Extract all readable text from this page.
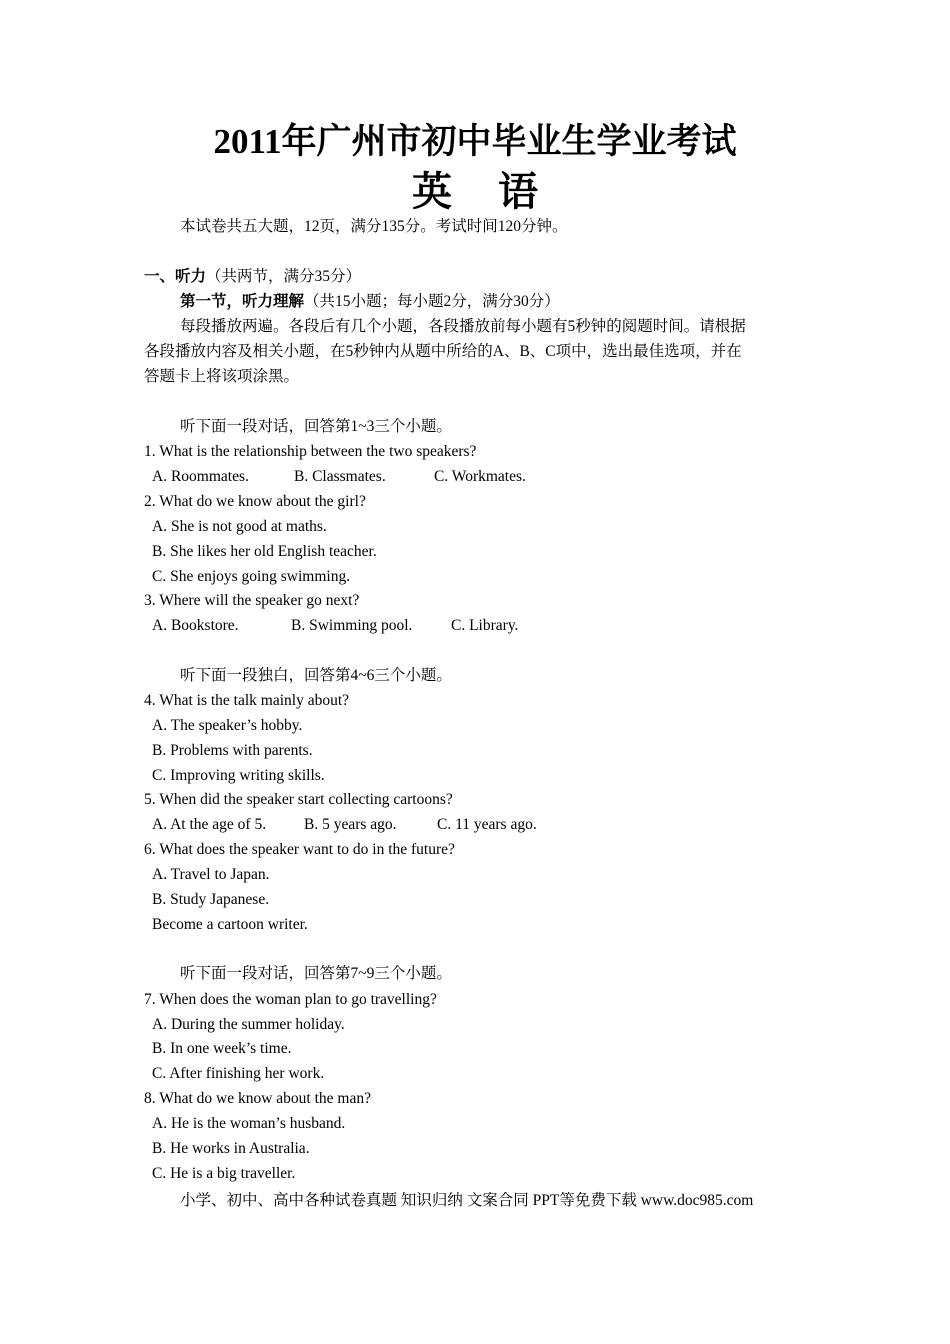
2011年广州市初中毕业生学业考试
英 语
本试卷共五大题，12页，满分135分。考试时间120分钟。
一、听力（共两节，满分35分）
第一节，听力理解（共15小题；每小题2分，满分30分）
每段播放两遍。各段后有几个小题，各段播放前每小题有5秒钟的阅题时间。请根据
各段播放内容及相关小题，在5秒钟内从题中所给的A、B、C项中，选出最佳选项，并在
答题卡上将该项涂黑。
听下面一段对话，回答第1~3三个小题。
1. What is the relationship between the two speakers?
A. Roommates.	B. Classmates.	C. Workmates.
2. What do we know about the girl?
A. She is not good at maths.
B. She likes her old English teacher.
C. She enjoys going swimming.
3. Where will the speaker go next?
A. Bookstore.	B. Swimming pool. C. Library.
听下面一段独白，回答第4~6三个小题。
4. What is the talk mainly about?
A. The speaker’s hobby.
B. Problems with parents.
C. Improving writing skills.
5. When did the speaker start collecting cartoons?
A. At the age of 5. B. 5 years ago.	C. 11 years ago.
6. What does the speaker want to do in the future?
A. Travel to Japan.
B. Study Japanese.
Become a cartoon writer.
听下面一段对话，回答第7~9三个小题。
7. When does the woman plan to go travelling?
A. During the summer holiday.
B. In one week’s time.
C. After finishing her work.
8. What do we know about the man?
A. He is the woman’s husband.
B. He works in Australia.
C. He is a big traveller.
小学、初中、高中各种试卷真题 知识归纳 文案合同 PPT等免费下载 www.doc985.com
